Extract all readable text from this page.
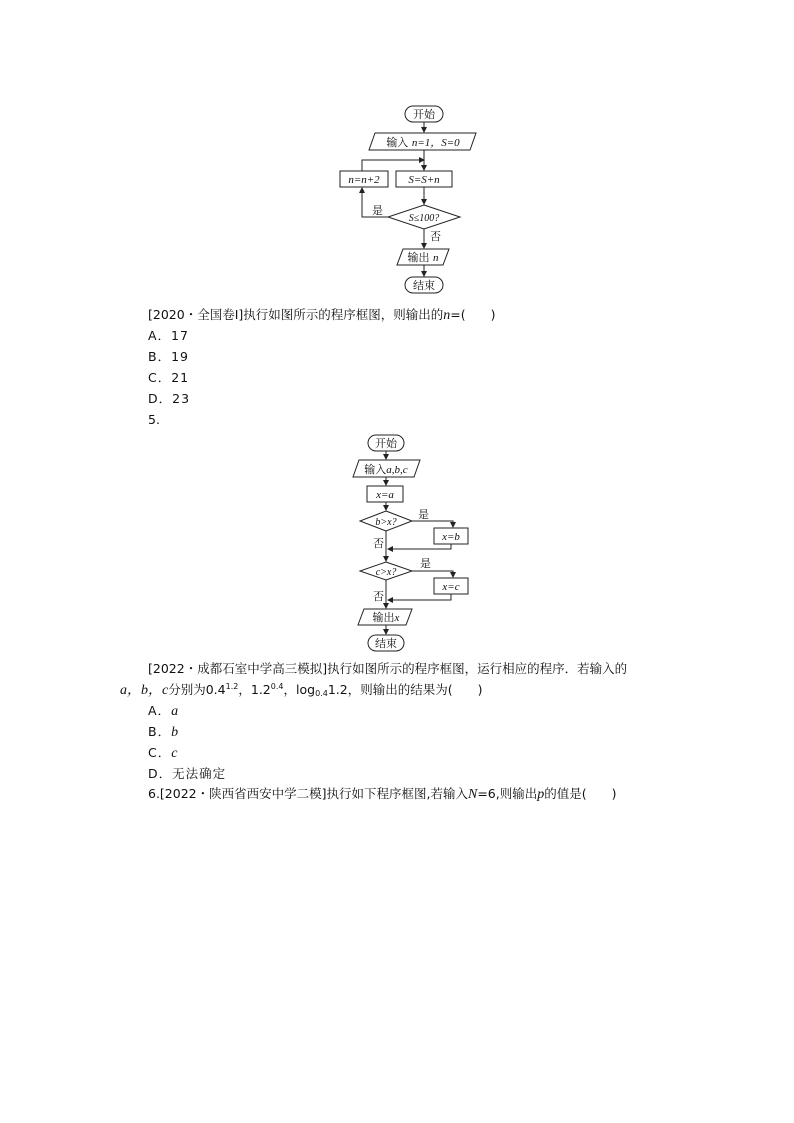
开始
输入 n=1，S=0
S=S+n
S≤100?
是
n=n+2
否
输出 n
结束
[2020・全国卷Ⅰ]执行如图所示的程序框图，则输出的n=(　　)
A．17
B．19
C．21
D．23
5.
开始
输入a,b,c
x=a
b>x?
是
x=b
否
c>x?
是
x=c
否
输出x
结束
[2022・成都石室中学高三模拟]执行如图所示的程序框图，运行相应的程序．若输入的
a，b，c分别为$0.4^{1.2}$，$1.2^{0.4}$，$\log_{0.4}1.2$，则输出的结果为(　　)
A．a
B．b
C．c
D．无法确定
6.[2022・陕西省西安中学二模]执行如下程序框图,若输入N=6,则输出p的值是(　　)
